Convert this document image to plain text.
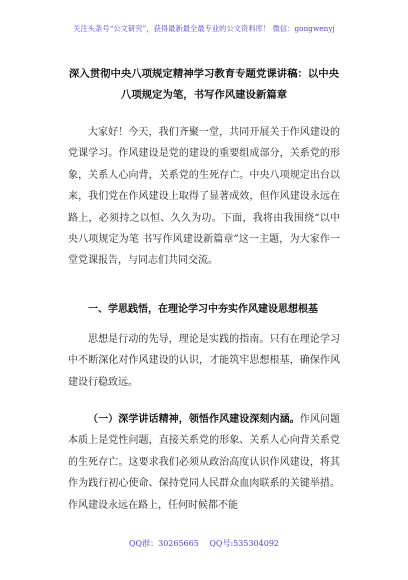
关注头条号“公文研究”，获得最新最全最专业的公文资料库！ 微信：gongwenyj
深入贯彻中央八项规定精神学习教育专题党课讲稿：以中央八项规定为笔，书写作风建设新篇章
大家好！今天，我们齐聚一堂，共同开展关于作风建设的党课学习。作风建设是党的建设的重要组成部分，关系党的形象，关系人心向背，关系党的生死存亡。中央八项规定出台以来，我们党在作风建设上取得了显著成效，但作风建设永远在路上，必须持之以恒、久久为功。下面，我将由我围绕“以中央八项规定为笔 书写作风建设新篇章”这一主题，为大家作一堂党课报告，与同志们共同交流。
一、学思践悟，在理论学习中夯实作风建设思想根基
思想是行动的先导，理论是实践的指南。只有在理论学习中不断深化对作风建设的认识，才能筑牢思想根基，确保作风建设行稳致远。
（一）深学讲话精神，领悟作风建设深刻内涵。作风问题本质上是党性问题，直接关系党的形象、关系人心向背关系党的生死存亡。这要求我们必须从政治高度认识作风建设，将其作为践行初心使命、保持党同人民群众血肉联系的关键举措。作风建设永远在路上，任何时候都不能
QQ群：30265665 QQ号:535304092
